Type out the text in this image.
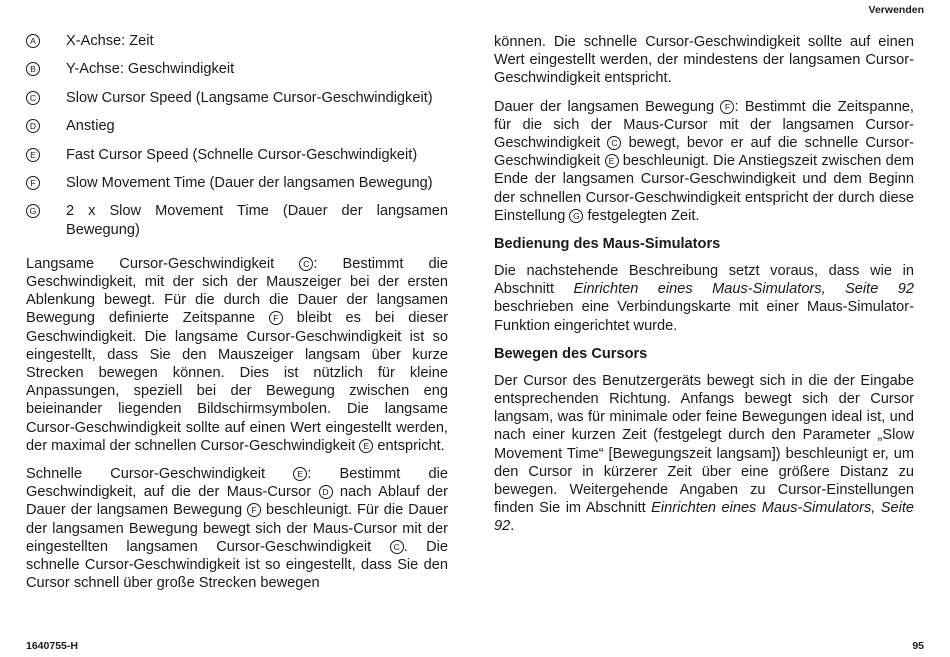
Verwenden
A	X-Achse: Zeit
B	Y-Achse: Geschwindigkeit
C	Slow Cursor Speed (Langsame Cursor-Geschwindigkeit)
D	Anstieg
E	Fast Cursor Speed (Schnelle Cursor-Geschwindigkeit)
F	Slow Movement Time (Dauer der langsamen Bewegung)
G	2 x Slow Movement Time (Dauer der langsamen Bewegung)

Langsame Cursor-Geschwindigkeit C : Bestimmt die Geschwindigkeit, mit der sich der Mauszeiger bei der ersten Ablenkung bewegt. Für die durch die Dauer der langsamen Bewegung definierte Zeitspanne F bleibt es bei dieser Geschwindigkeit. Die langsame Cursor-Geschwindigkeit ist so eingestellt, dass Sie den Mauszeiger langsam über kurze Strecken bewegen können. Dies ist nützlich für kleine Anpassungen, speziell bei der Bewegung zwischen eng beieinander liegenden Bildschirmsymbolen. Die langsame Cursor-Geschwindigkeit sollte auf einen Wert eingestellt werden, der maximal der schnellen Cursor-Geschwindigkeit E entspricht.

Schnelle Cursor-Geschwindigkeit E : Bestimmt die Geschwindigkeit, auf die der Maus-Cursor D nach Ablauf der Dauer der langsamen Bewegung F beschleunigt. Für die Dauer der langsamen Bewegung bewegt sich der Maus-Cursor mit der eingestellten langsamen Cursor-Geschwindigkeit C . Die schnelle Cursor-Geschwindigkeit ist so eingestellt, dass Sie den Cursor schnell über große Strecken bewegen

können. Die schnelle Cursor-Geschwindigkeit sollte auf einen Wert eingestellt werden, der mindestens der langsamen Cursor-Geschwindigkeit entspricht.

Dauer der langsamen Bewegung F : Bestimmt die Zeitspanne, für die sich der Maus-Cursor mit der langsamen Cursor-Geschwindigkeit C bewegt, bevor er auf die schnelle Cursor-Geschwindigkeit E beschleunigt. Die Anstiegszeit zwischen dem Ende der langsamen Cursor-Geschwindigkeit und dem Beginn der schnellen Cursor-Geschwindigkeit entspricht der durch diese Einstellung G festgelegten Zeit.

Bedienung des Maus-Simulators

Die nachstehende Beschreibung setzt voraus, dass wie in Abschnitt Einrichten eines Maus-Simulators, Seite 92 beschrieben eine Verbindungskarte mit einer Maus-Simulator-Funktion eingerichtet wurde.

Bewegen des Cursors

Der Cursor des Benutzergeräts bewegt sich in die der Eingabe entsprechenden Richtung. Anfangs bewegt sich der Cursor langsam, was für minimale oder feine Bewegungen ideal ist, und nach einer kurzen Zeit (festgelegt durch den Parameter „Slow Movement Time“ [Bewegungszeit langsam]) beschleunigt er, um den Cursor in kürzerer Zeit über eine größere Distanz zu bewegen. Weitergehende Angaben zu Cursor-Einstellungen finden Sie im Abschnitt Einrichten eines Maus-Simulators, Seite 92.

1640755-H	95
